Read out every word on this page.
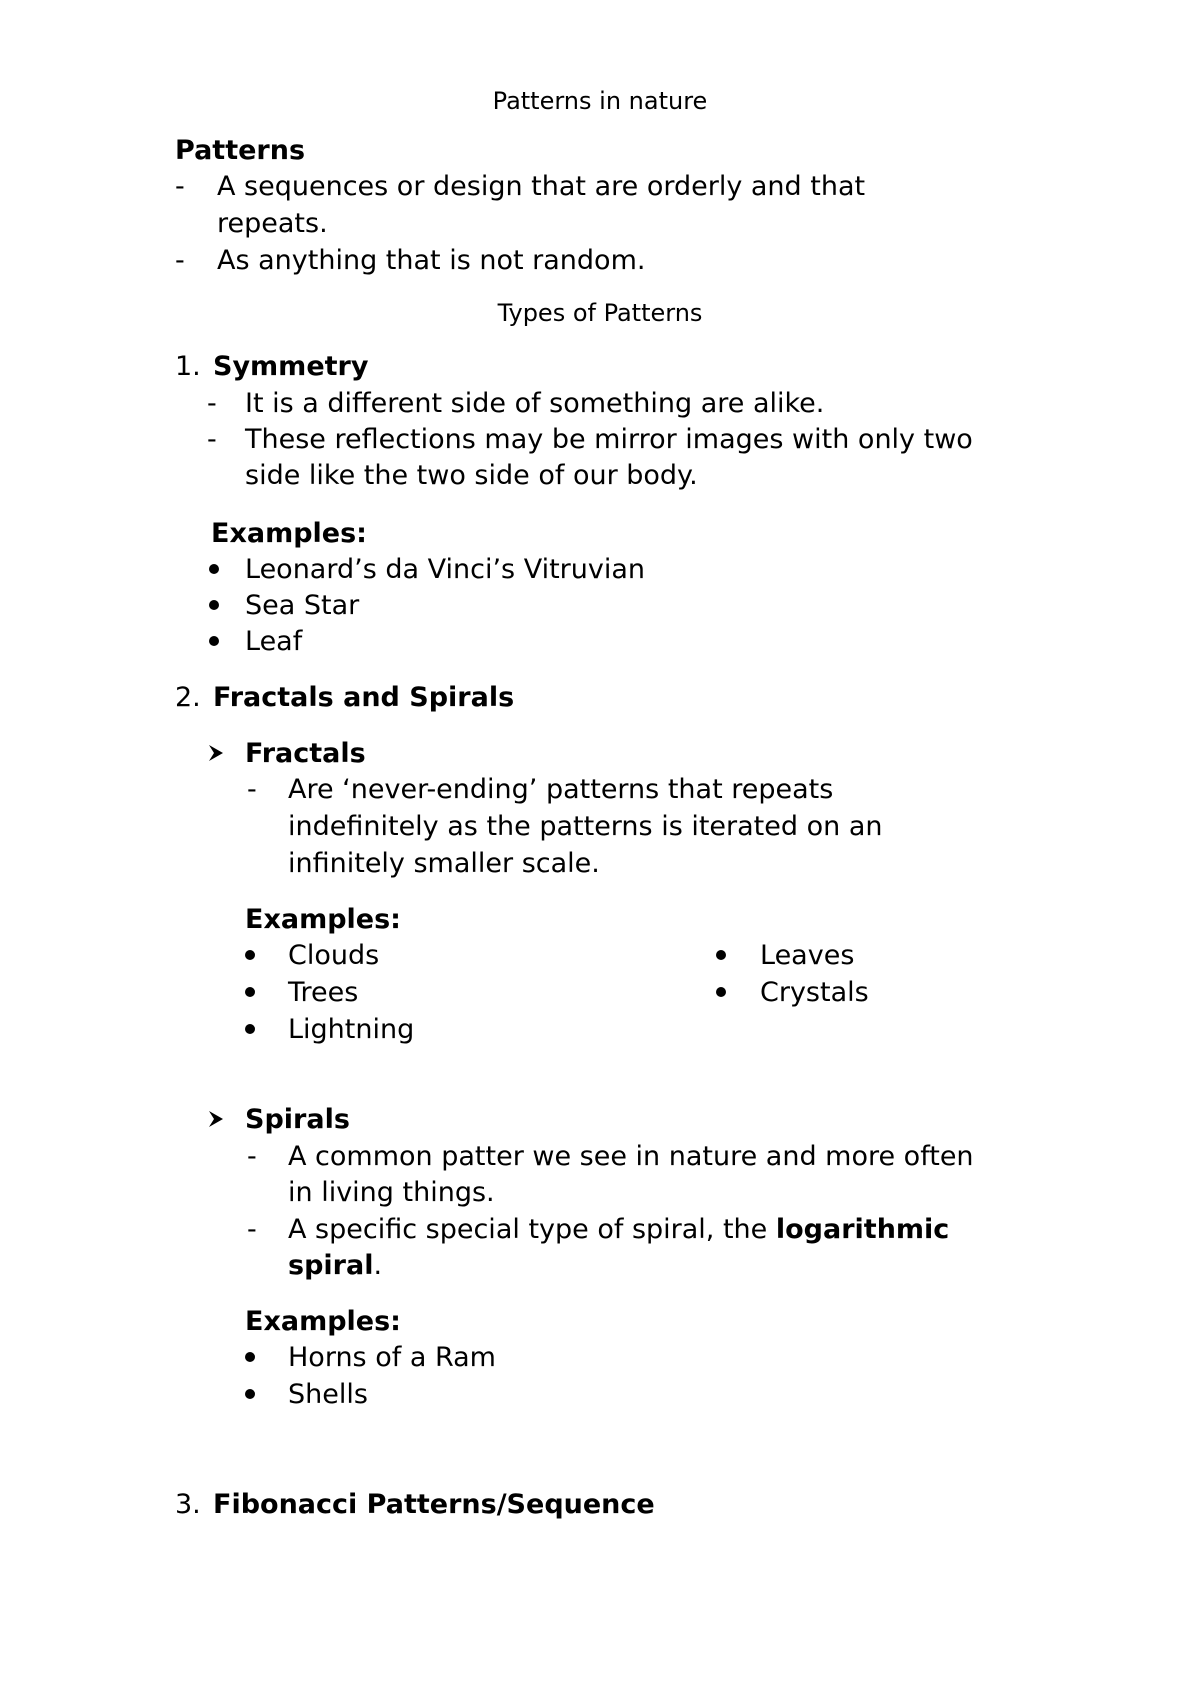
Patterns in nature
Patterns
- A sequences or design that are orderly and that
repeats.
- As anything that is not random.
Types of Patterns
1. Symmetry
- It is a different side of something are alike.
- These reflections may be mirror images with only two
side like the two side of our body.
Examples:
Leonard’s da Vinci’s Vitruvian
Sea Star
Leaf
2. Fractals and Spirals
Fractals
- Are ‘never-ending’ patterns that repeats
indefinitely as the patterns is iterated on an
infinitely smaller scale.
Examples:
Clouds
Trees
Lightning
Leaves
Crystals
Spirals
- A common patter we see in nature and more often
in living things.
- A specific special type of spiral, the logarithmic
spiral.
Examples:
Horns of a Ram
Shells
3. Fibonacci Patterns/Sequence
